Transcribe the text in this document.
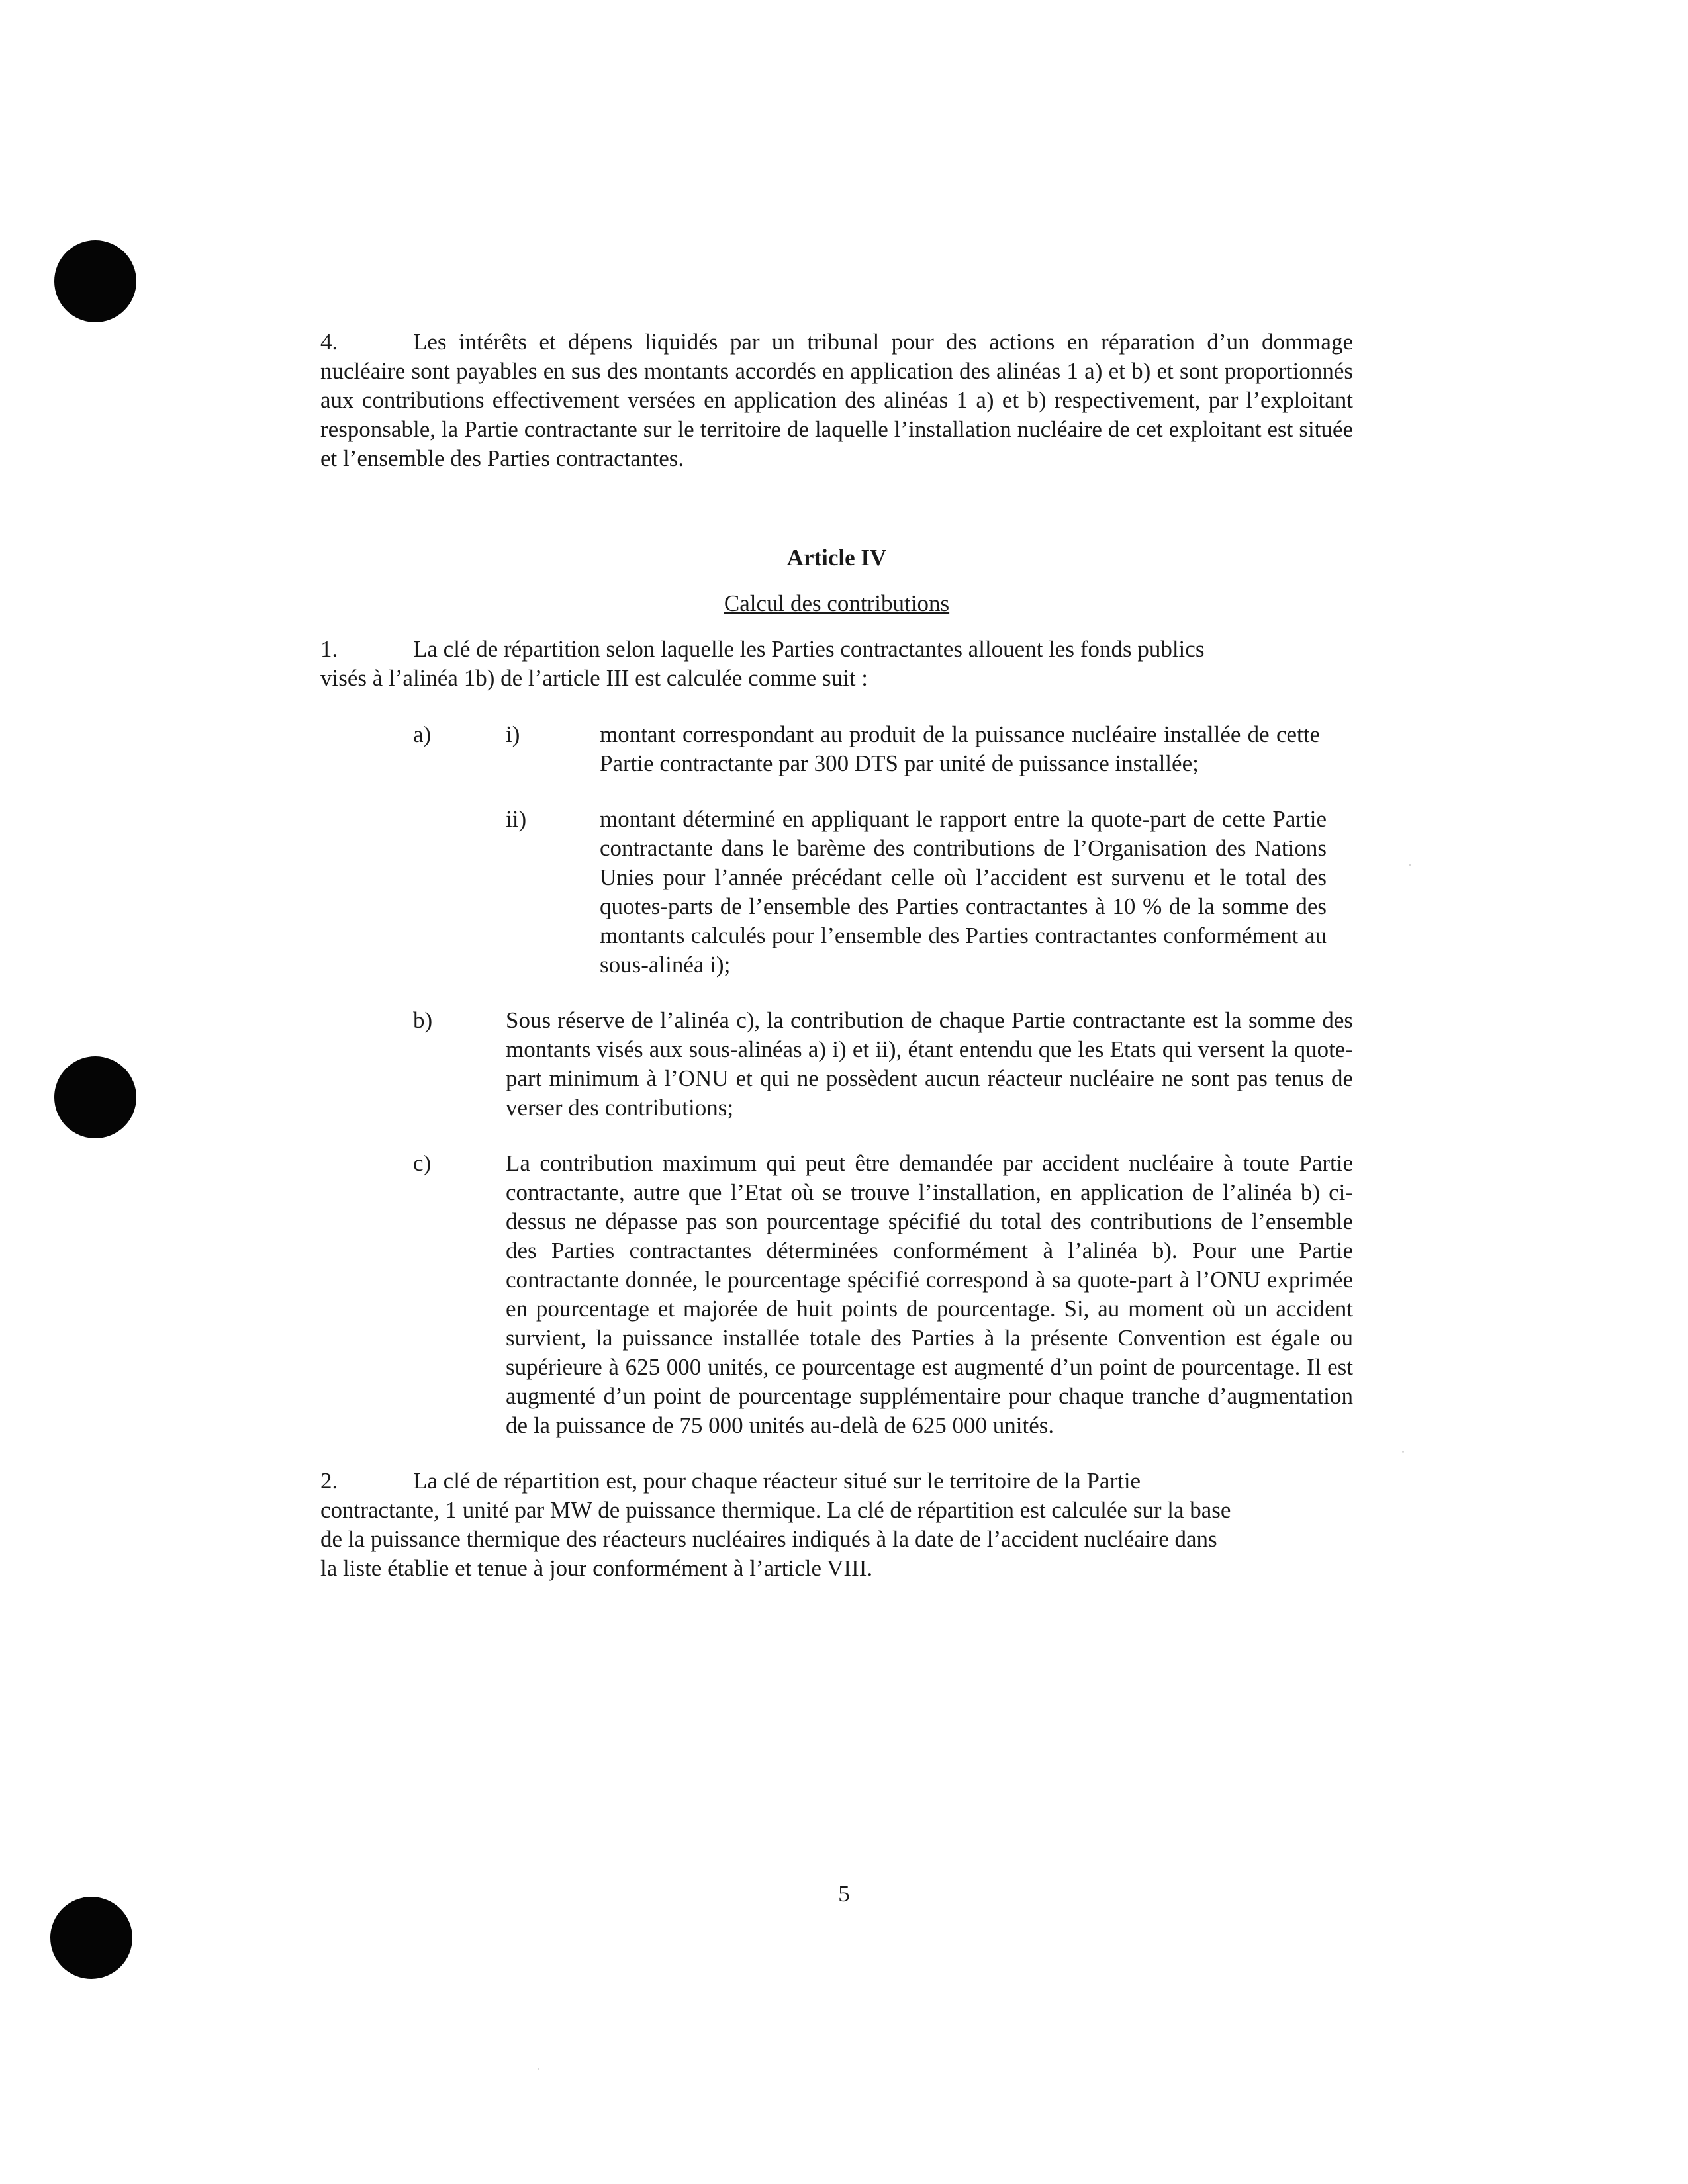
4.	Les intérêts et dépens liquidés par un tribunal pour des actions en réparation d’un dommage nucléaire sont payables en sus des montants accordés en application des alinéas 1 a) et b) et sont proportionnés aux contributions effectivement versées en application des alinéas 1 a) et b) respectivement, par l’exploitant responsable, la Partie contractante sur le territoire de laquelle l’installation nucléaire de cet exploitant est située et l’ensemble des Parties contractantes.

Article IV

Calcul des contributions

1.	La clé de répartition selon laquelle les Parties contractantes allouent les fonds publics
visés à l’alinéa 1b) de l’article III est calculée comme suit :

a)	i)	montant correspondant au produit de la puissance nucléaire installée de cette Partie contractante par 300 DTS par unité de puissance installée;

ii)	montant déterminé en appliquant le rapport entre la quote-part de cette Partie contractante dans le barème des contributions de l’Organisation des Nations Unies pour l’année précédant celle où l’accident est survenu et le total des quotes-parts de l’ensemble des Parties contractantes à 10 % de la somme des montants calculés pour l’ensemble des Parties contractantes conformément au sous-alinéa i);

b)	Sous réserve de l’alinéa c), la contribution de chaque Partie contractante est la somme des montants visés aux sous-alinéas a) i) et ii), étant entendu que les Etats qui versent la quote-part minimum à l’ONU et qui ne possèdent aucun réacteur nucléaire ne sont pas tenus de verser des contributions;

c)	La contribution maximum qui peut être demandée par accident nucléaire à toute Partie contractante, autre que l’Etat où se trouve l’installation, en application de l’alinéa b) ci-dessus ne dépasse pas son pourcentage spécifié du total des contributions de l’ensemble des Parties contractantes déterminées conformément à l’alinéa b). Pour une Partie contractante donnée, le pourcentage spécifié correspond à sa quote-part à l’ONU exprimée en pourcentage et majorée de huit points de pourcentage. Si, au moment où un accident survient, la puissance installée totale des Parties à la présente Convention est égale ou supérieure à 625 000 unités, ce pourcentage est augmenté d’un point de pourcentage. Il est augmenté d’un point de pourcentage supplémentaire pour chaque tranche d’augmentation de la puissance de 75 000 unités au-delà de 625 000 unités.

2.	La clé de répartition est, pour chaque réacteur situé sur le territoire de la Partie
contractante, 1 unité par MW de puissance thermique. La clé de répartition est calculée sur la base
de la puissance thermique des réacteurs nucléaires indiqués à la date de l’accident nucléaire dans
la liste établie et tenue à jour conformément à l’article VIII.

5
